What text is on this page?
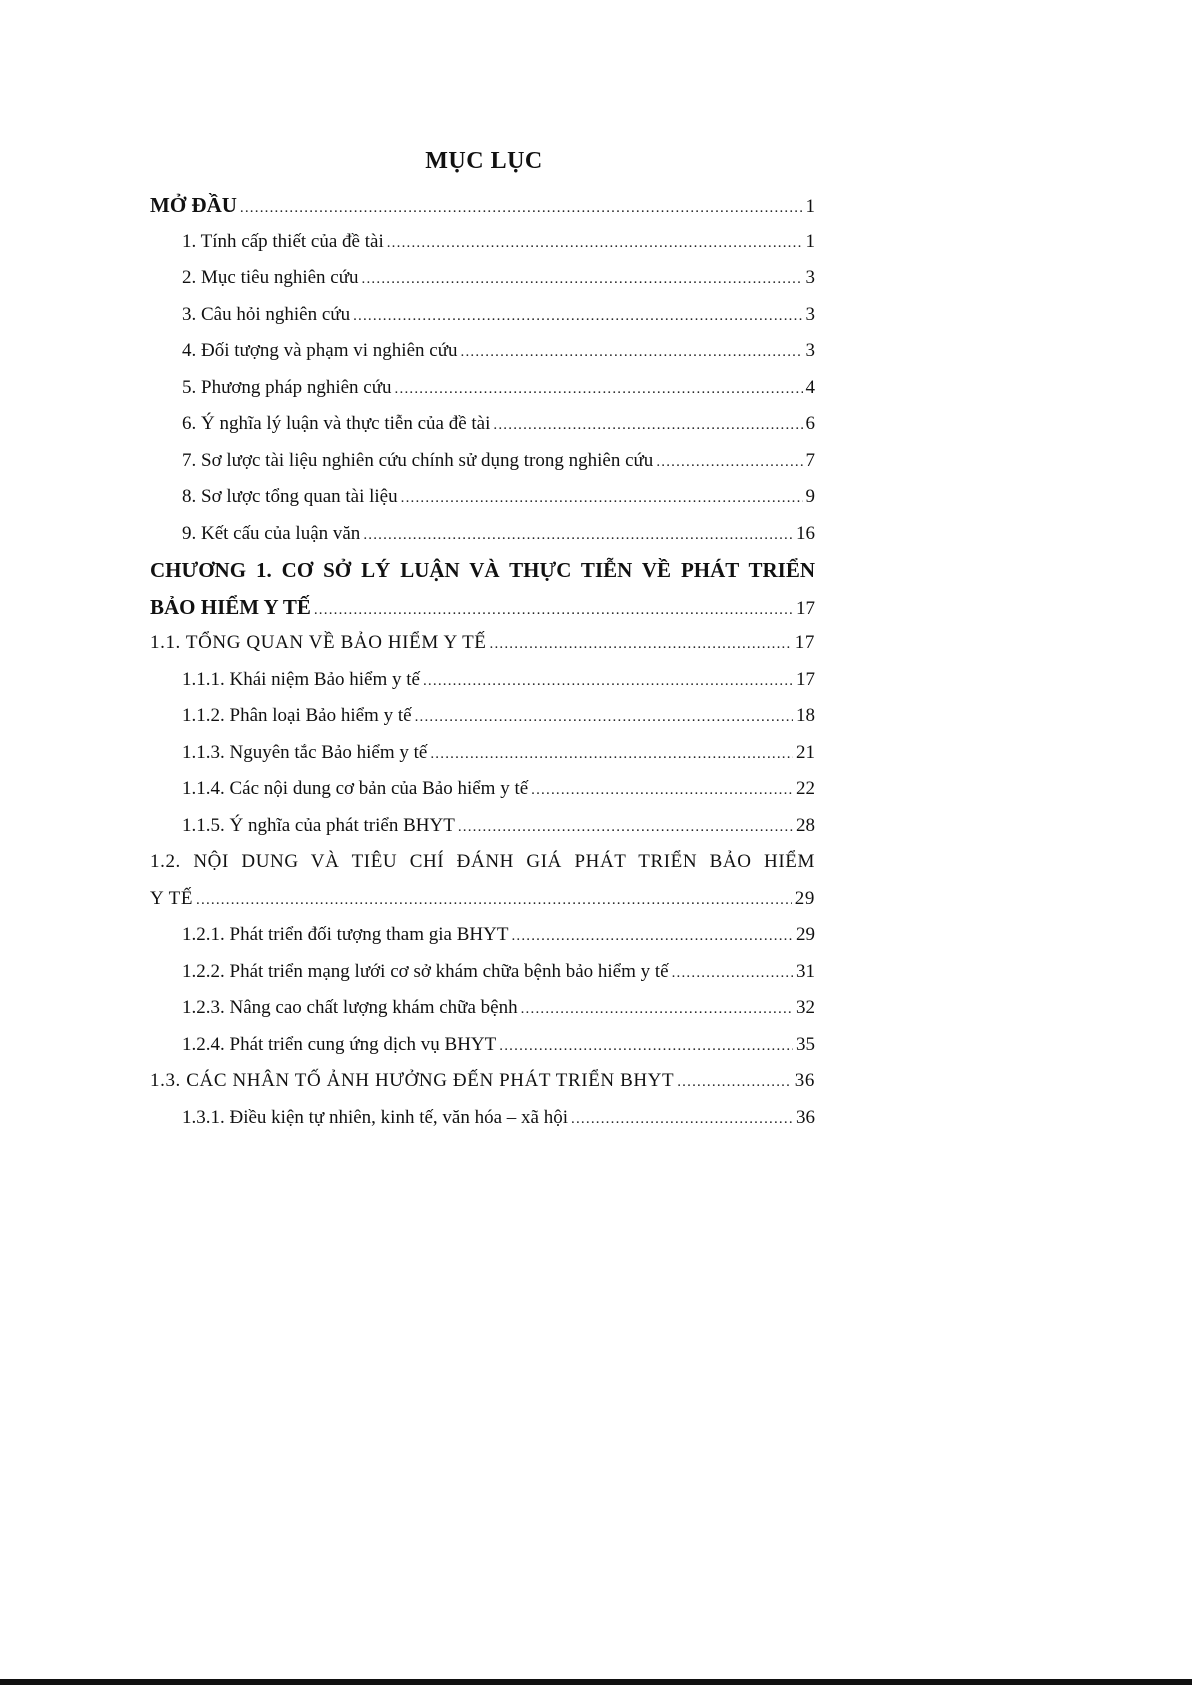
MỤC LỤC
MỞ ĐẦU .....	1
1. Tính cấp thiết của đề tài .....	1
2. Mục tiêu nghiên cứu .....	3
3. Câu hỏi nghiên cứu .....	3
4. Đối tượng và phạm vi nghiên cứu .....	3
5. Phương pháp nghiên cứu .....	4
6. Ý nghĩa lý luận và thực tiễn của đề tài .....	6
7. Sơ lược tài liệu nghiên cứu chính sử dụng trong nghiên cứu .....	7
8. Sơ lược tổng quan tài liệu .....	9
9. Kết cấu của luận văn .....	16
CHƯƠNG 1. CƠ SỞ LÝ LUẬN VÀ THỰC TIỄN VỀ PHÁT TRIỂN
BẢO HIỂM Y TẾ .....	17
1.1. TỔNG QUAN VỀ BẢO HIỂM Y TẾ .....	17
1.1.1. Khái niệm Bảo hiểm y tế .....	17
1.1.2. Phân loại Bảo hiểm y tế .....	18
1.1.3. Nguyên tắc Bảo hiểm y tế .....	21
1.1.4. Các nội dung cơ bản của Bảo hiểm y tế .....	22
1.1.5. Ý nghĩa của phát triển BHYT .....	28
1.2. NỘI DUNG VÀ TIÊU CHÍ ĐÁNH GIÁ PHÁT TRIỂN BẢO HIỂM
Y TẾ .....	29
1.2.1. Phát triển đối tượng tham gia BHYT .....	29
1.2.2. Phát triển mạng lưới cơ sở khám chữa bệnh bảo hiểm y tế .....	31
1.2.3. Nâng cao chất lượng khám chữa bệnh .....	32
1.2.4. Phát triển cung ứng dịch vụ BHYT .....	35
1.3. CÁC NHÂN TỐ ẢNH HƯỞNG ĐẾN PHÁT TRIỂN BHYT .....	36
1.3.1. Điều kiện tự nhiên, kinh tế, văn hóa – xã hội .....	36
